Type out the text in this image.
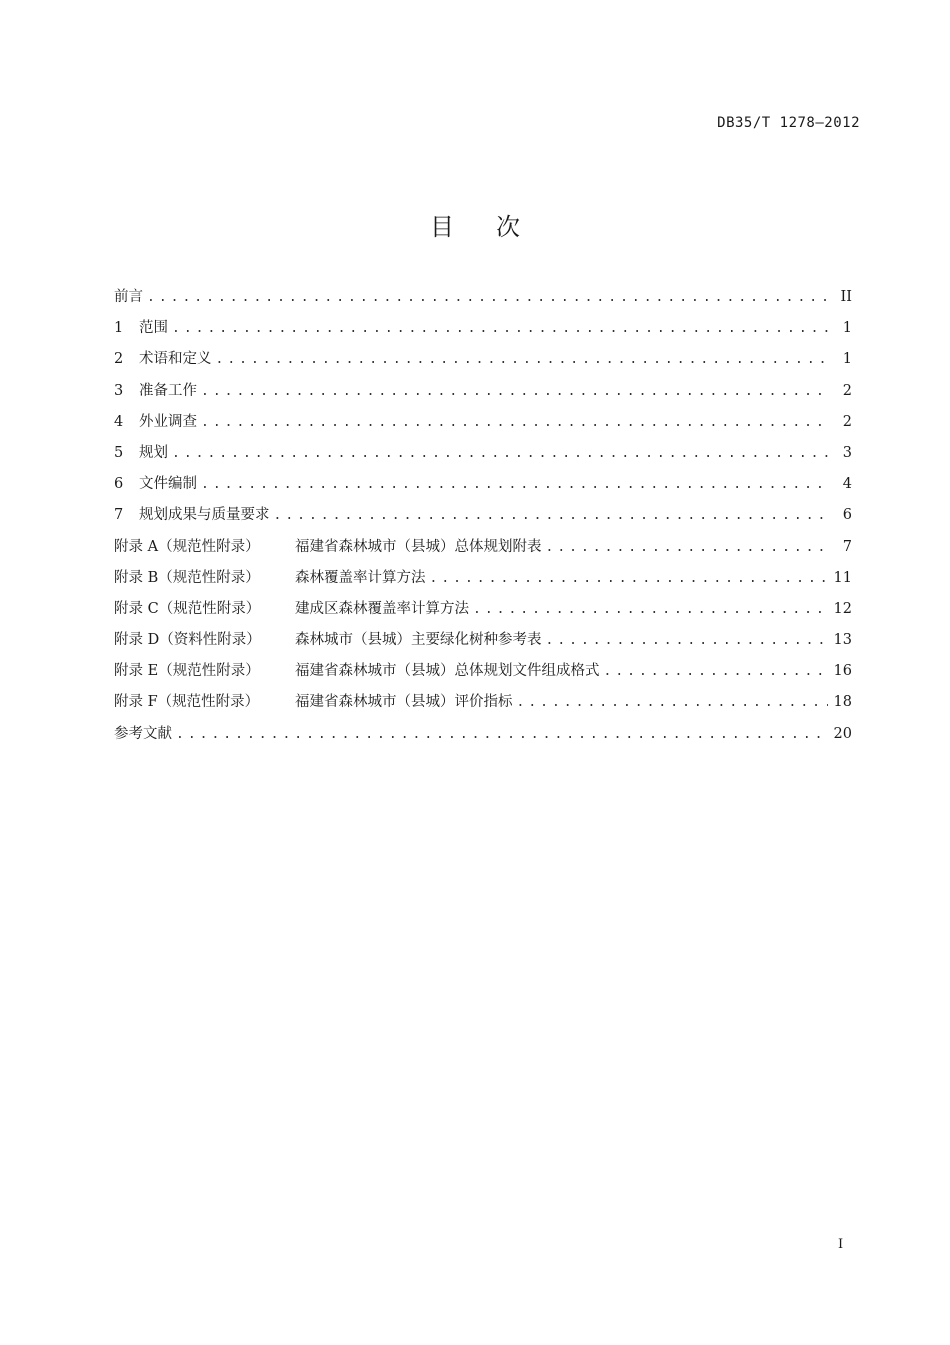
DB35/T 1278—2012
目次
前言 .....	II
1	范围 .....	1
2	术语和定义 .....	1
3	准备工作 .....	2
4	外业调查 .....	2
5	规划 .....	3
6	文件编制 .....	4
7	规划成果与质量要求 .....	6
附录 A（规范性附录）	福建省森林城市（县城）总体规划附表 .....	7
附录 B（规范性附录）	森林覆盖率计算方法 .....	11
附录 C（规范性附录）	建成区森林覆盖率计算方法 .....	12
附录 D（资料性附录）	森林城市（县城）主要绿化树种参考表 .....	13
附录 E（规范性附录）	福建省森林城市（县城）总体规划文件组成格式 .....	16
附录 F（规范性附录）	福建省森林城市（县城）评价指标 .....	18
参考文献 .....	20
I
